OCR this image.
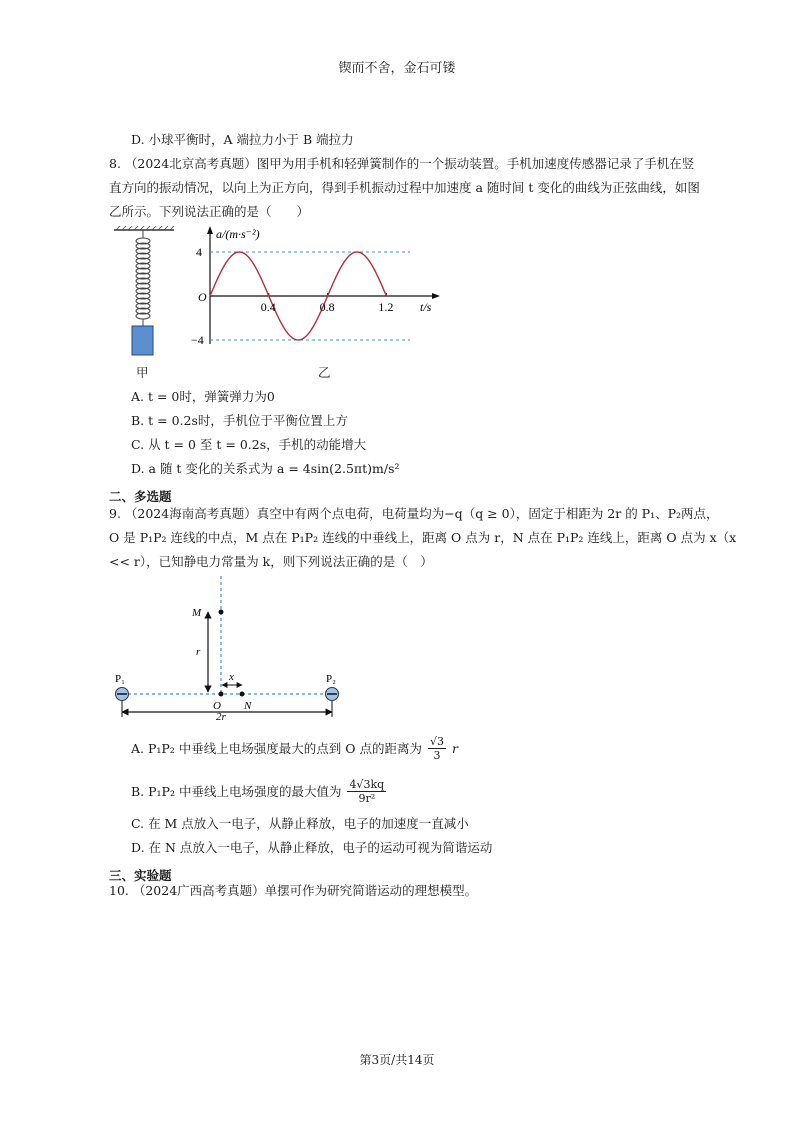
锲而不舍，金石可镂
第3页/共14页
D. 小球平衡时，A 端拉力小于 B 端拉力
8. （2024北京高考真题）图甲为用手机和轻弹簧制作的一个振动装置。手机加速度传感器记录了手机在竖
直方向的振动情况，以向上为正方向，得到手机振动过程中加速度 a 随时间 t 变化的曲线为正弦曲线，如图
乙所示。下列说法正确的是（　　）
甲
0.4	0.8	1.2
4
−4
O
t/s
a/(m·s⁻²)
乙
A. t = 0时，弹簧弹力为0
B. t = 0.2s时，手机位于平衡位置上方
C. 从 t = 0 至 t = 0.2s，手机的动能增大
D. a 随 t 变化的关系式为 a = 4sin(2.5πt)m/s²
二、多选题
9. （2024海南高考真题）真空中有两个点电荷，电荷量均为−q（q ≥ 0），固定于相距为 2r 的 P₁、P₂两点，
O 是 P₁P₂ 连线的中点，M 点在 P₁P₂ 连线的中垂线上，距离 O 点为 r，N 点在 P₁P₂ 连线上，距离 O 点为 x（x
<< r），已知静电力常量为 k，则下列说法正确的是（　）
M
r
x
O N
P₁	P₂
2r
A. P₁P₂ 中垂线上电场强度最大的点到 O 点的距离为 $\frac{√3}{3}$ r
B. P₁P₂ 中垂线上电场强度的最大值为 $\frac{4√3kq}{\text{9r²}}$
C. 在 M 点放入一电子，从静止释放，电子的加速度一直减小
D. 在 N 点放入一电子，从静止释放，电子的运动可视为简谐运动
三、实验题
10. （2024广西高考真题）单摆可作为研究简谐运动的理想模型。
